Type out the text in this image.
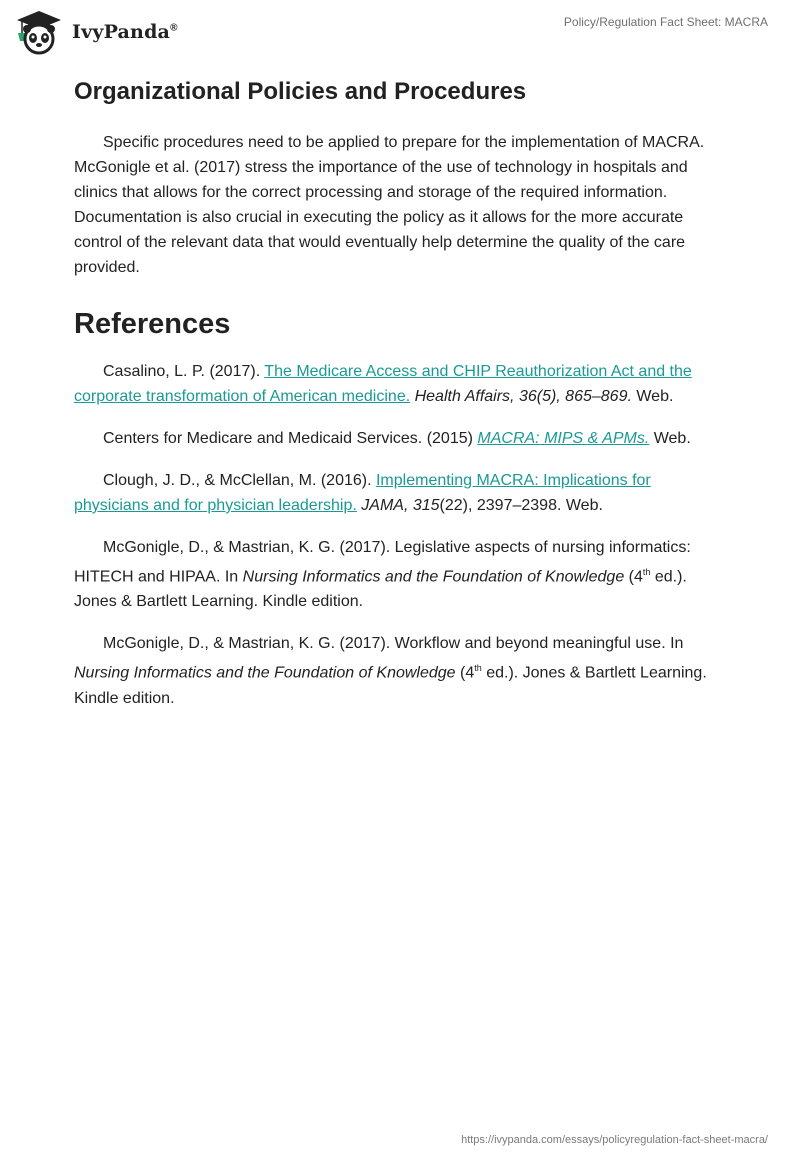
IvyPanda®	Policy/Regulation Fact Sheet: MACRA
Organizational Policies and Procedures

Specific procedures need to be applied to prepare for the implementation of MACRA. McGonigle et al. (2017) stress the importance of the use of technology in hospitals and clinics that allows for the correct processing and storage of the required information. Documentation is also crucial in executing the policy as it allows for the more accurate control of the relevant data that would eventually help determine the quality of the care provided.

References

Casalino, L. P. (2017). The Medicare Access and CHIP Reauthorization Act and the corporate transformation of American medicine. Health Affairs, 36(5), 865–869. Web.

Centers for Medicare and Medicaid Services. (2015) MACRA: MIPS & APMs. Web.

Clough, J. D., & McClellan, M. (2016). Implementing MACRA: Implications for physicians and for physician leadership. JAMA, 315(22), 2397–2398. Web.

McGonigle, D., & Mastrian, K. G. (2017). Legislative aspects of nursing informatics: HITECH and HIPAA. In Nursing Informatics and the Foundation of Knowledge (4th ed.). Jones & Bartlett Learning. Kindle edition.

McGonigle, D., & Mastrian, K. G. (2017). Workflow and beyond meaningful use. In Nursing Informatics and the Foundation of Knowledge (4th ed.). Jones & Bartlett Learning. Kindle edition.

https://ivypanda.com/essays/policyregulation-fact-sheet-macra/
